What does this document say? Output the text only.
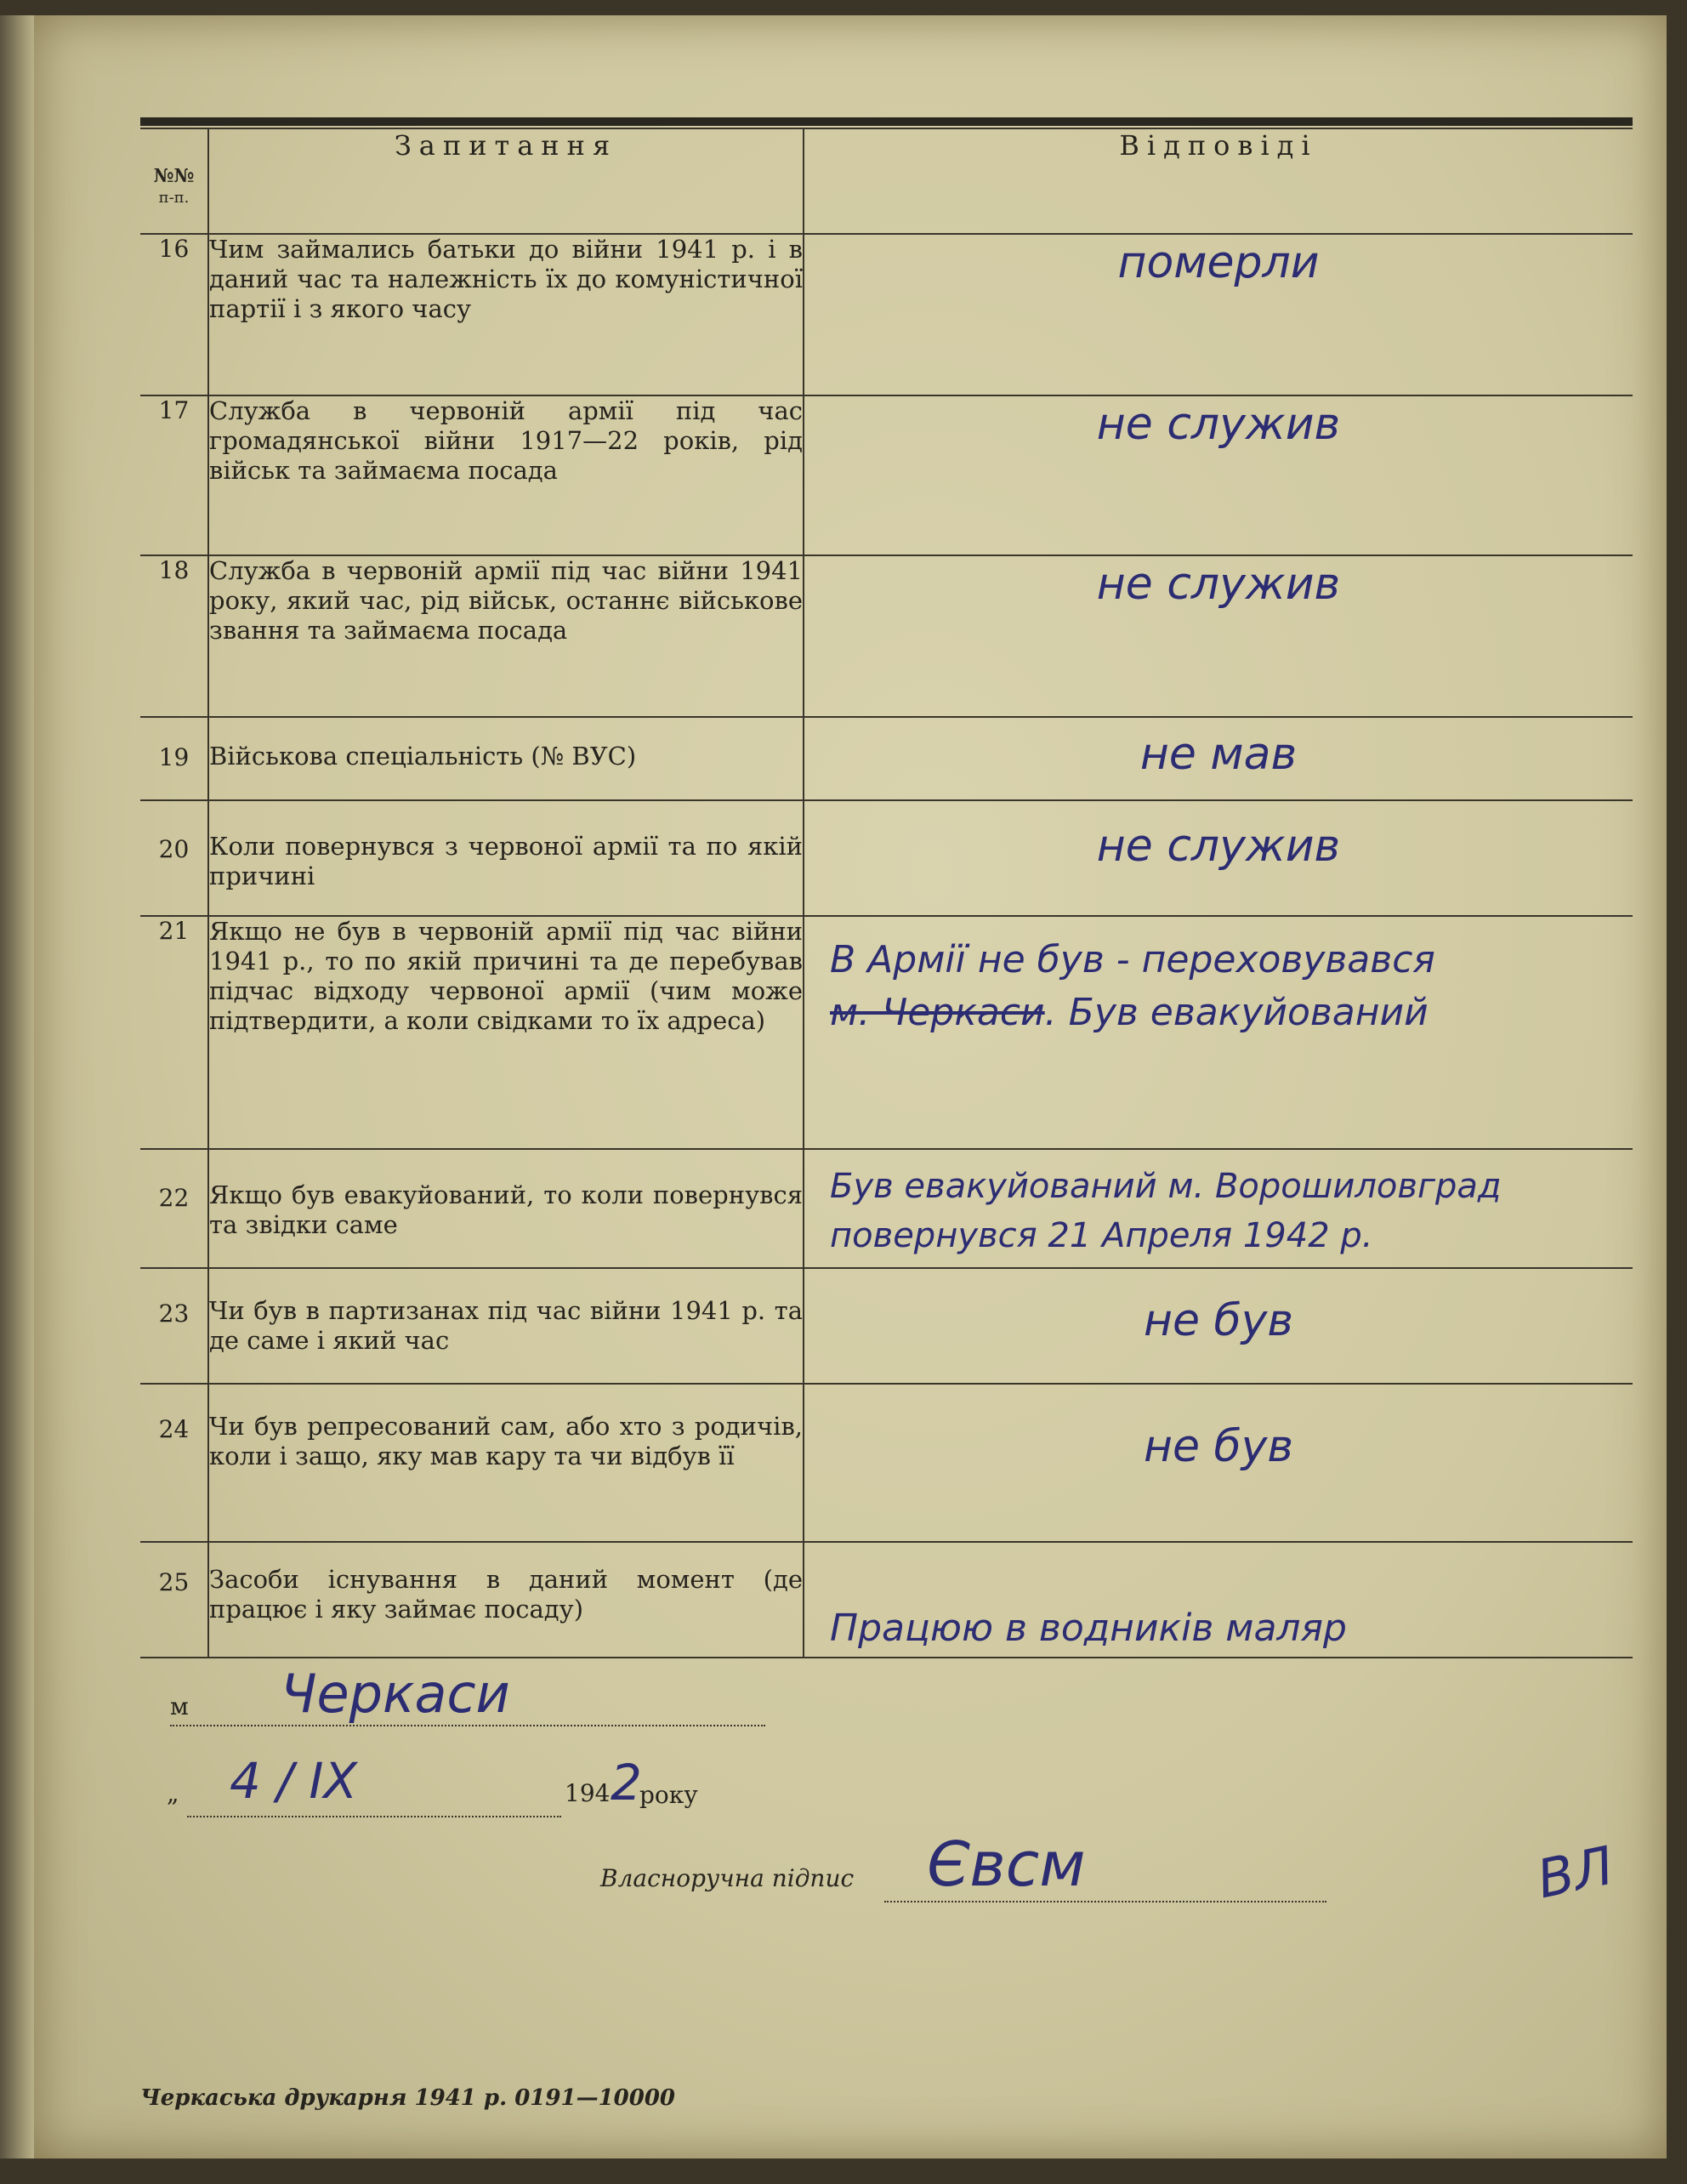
№№
п-п.	Запитання	Відповіді
16	Чим займались батьки до війни 1941 р. і в даний час та належність їх до комуністичної партії і з якого часу	померли
17	Служба в червоній армії під час громадянської війни 1917—22 років, рід військ та займаєма посада	не служив
18	Служба в червоній армії під час війни 1941 року, який час, рід військ, останнє військове звання та займаєма посада	не служив
19	Військова спеціальність (№ ВУС)	не мав
20	Коли повернувся з червоної армії та по якій причині	не служив
21	Якщо не був в червоній армії під час війни 1941 р., то по якій причині та де перебував підчас відходу червоної армії (чим може підтвердити, а коли свідками то їх адреса)	В Армії не був - переховувався
м. Черкаси. Був евакуйований

22	Якщо був евакуйований, то коли повернувся та звідки саме	Був евакуйований м. Ворошиловград
повернувся 21 Апреля 1942 р.

23	Чи був в партизанах під час війни 1941 р. та де саме і який час	не був
24	Чи був репресований сам, або хто з родичів, коли і защо, яку мав кару та чи відбув її	не був
25	Засоби існування в даний момент (де працює і яку займає посаду)	Працюю в водників маляр
м Черкаси
„ 4 / IX	194 2
року
Власноручна підпис Євсм	ВЛ
Черкаська друкарня 1941 р. 0191—10000
